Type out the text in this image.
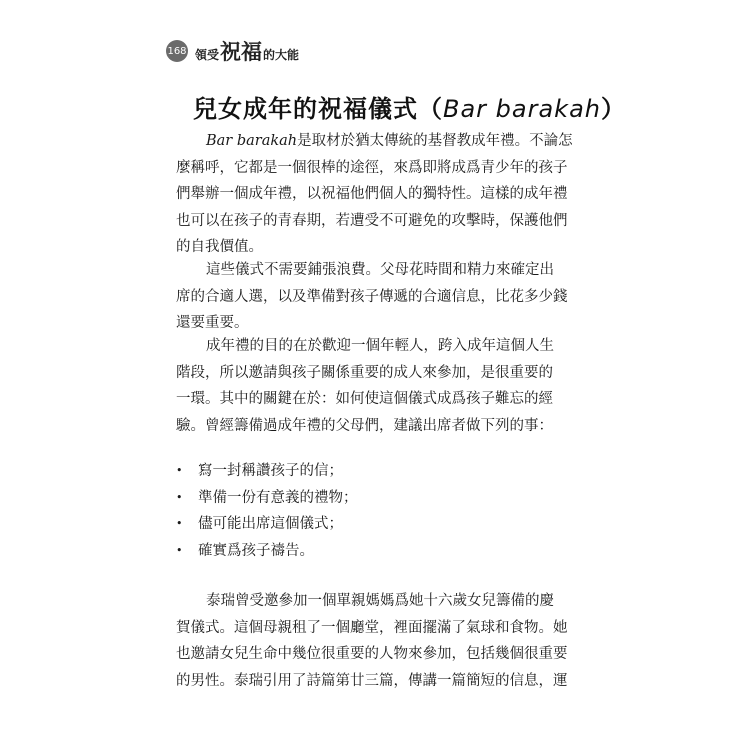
168 領受 祝福 的大能
兒女成年的祝福儀式（Bar barakah）
Bar barakah是取材於猶太傳統的基督教成年禮。不論怎
麼稱呼，它都是一個很棒的途徑，來爲即將成爲青少年的孩子
們舉辦一個成年禮，以祝福他們個人的獨特性。這樣的成年禮
也可以在孩子的青春期，若遭受不可避免的攻擊時，保護他們
的自我價值。
這些儀式不需要鋪張浪費。父母花時間和精力來確定出
席的合適人選，以及準備對孩子傳遞的合適信息，比花多少錢
還要重要。
成年禮的目的在於歡迎一個年輕人，跨入成年這個人生
階段，所以邀請與孩子關係重要的成人來參加，是很重要的
一環。其中的關鍵在於：如何使這個儀式成爲孩子難忘的經
驗。曾經籌備過成年禮的父母們，建議出席者做下列的事：
•	寫一封稱讚孩子的信；
•	準備一份有意義的禮物；
•	儘可能出席這個儀式；
•	確實爲孩子禱告。
泰瑞曾受邀參加一個單親媽媽爲她十六歲女兒籌備的慶
賀儀式。這個母親租了一個廳堂，裡面擺滿了氣球和食物。她
也邀請女兒生命中幾位很重要的人物來參加，包括幾個很重要
的男性。泰瑞引用了詩篇第廿三篇，傳講一篇簡短的信息，運
